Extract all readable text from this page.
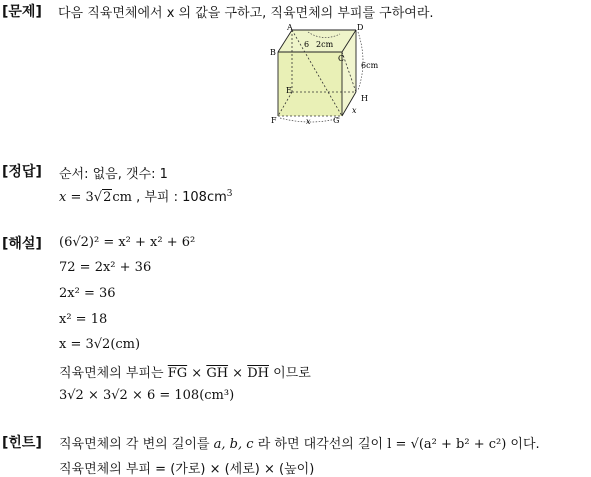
[문제] 다음 직육면체에서 x 의 값을 구하고, 직육면체의 부피를 구하여라.
A	D
B
C
E
H
F	G
2cm
6cm
x
x
6
[정답] 순서: 없음, 갯수: 1
x = 3√2cm , 부피 : $108cm^3$
[해설] (6√2)² = x² + x² + 6²
72 = 2x² + 36
2x² = 36
x² = 18
x = 3√2(cm)
직육면체의 부피는 $\overline{FG} \times \overline{GH} \times \overline{DH}$ 이므로
3√2 × 3√2 × 6 = 108(cm³)
[힌트] 직육면체의 각 변의 길이를 a, b, c 라 하면 대각선의 길이 l = √(a² + b² + c²) 이다.
직육면체의 부피 = (가로) × (세로) × (높이)
